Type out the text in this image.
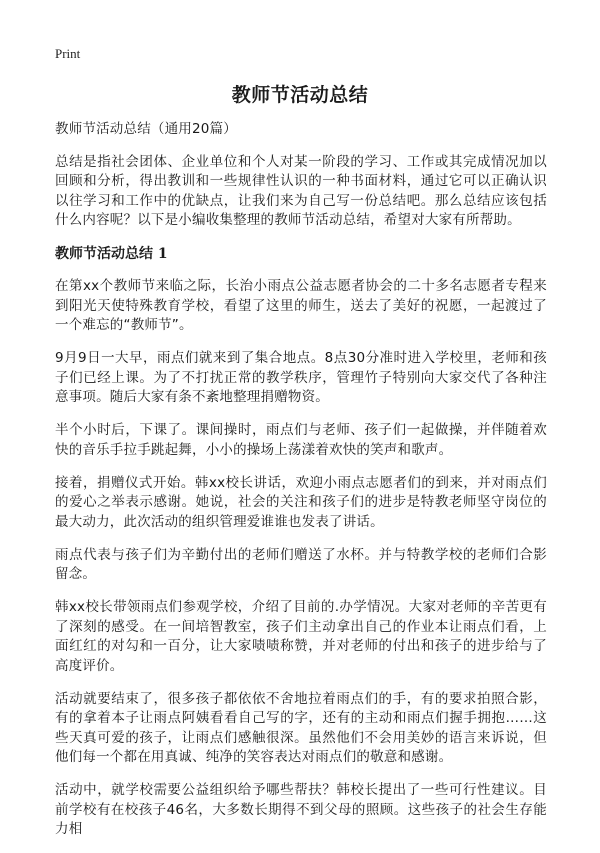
Print
教师节活动总结

教师节活动总结（通用20篇）

总结是指社会团体、企业单位和个人对某一阶段的学习、工作或其完成情况加以回顾和分析，得出教训和一些规律性认识的一种书面材料，通过它可以正确认识以往学习和工作中的优缺点，让我们来为自己写一份总结吧。那么总结应该包括什么内容呢？以下是小编收集整理的教师节活动总结，希望对大家有所帮助。

教师节活动总结 1

在第xx个教师节来临之际，长治小雨点公益志愿者协会的二十多名志愿者专程来到阳光天使特殊教育学校，看望了这里的师生，送去了美好的祝愿，一起渡过了一个难忘的“教师节”。

9月9日一大早，雨点们就来到了集合地点。8点30分准时进入学校里，老师和孩子们已经上课。为了不打扰正常的教学秩序，管理竹子特别向大家交代了各种注意事项。随后大家有条不紊地整理捐赠物资。

半个小时后，下课了。课间操时，雨点们与老师、孩子们一起做操，并伴随着欢快的音乐手拉手跳起舞，小小的操场上荡漾着欢快的笑声和歌声。

接着，捐赠仪式开始。韩xx校长讲话，欢迎小雨点志愿者们的到来，并对雨点们的爱心之举表示感谢。她说，社会的关注和孩子们的进步是特教老师坚守岗位的最大动力，此次活动的组织管理爱谁谁也发表了讲话。

雨点代表与孩子们为辛勤付出的老师们赠送了水杯。并与特教学校的老师们合影留念。

韩xx校长带领雨点们参观学校，介绍了目前的.办学情况。大家对老师的辛苦更有了深刻的感受。在一间培智教室，孩子们主动拿出自己的作业本让雨点们看，上面红红的对勾和一百分，让大家啧啧称赞，并对老师的付出和孩子的进步给与了高度评价。

活动就要结束了，很多孩子都依依不舍地拉着雨点们的手，有的要求拍照合影，有的拿着本子让雨点阿姨看看自己写的字，还有的主动和雨点们握手拥抱……这些天真可爱的孩子，让雨点们感触很深。虽然他们不会用美妙的语言来诉说，但他们每一个都在用真诚、纯净的笑容表达对雨点们的敬意和感谢。

活动中，就学校需要公益组织给予哪些帮扶？韩校长提出了一些可行性建议。目前学校有在校孩子46名，大多数长期得不到父母的照顾。这些孩子的社会生存能力相
